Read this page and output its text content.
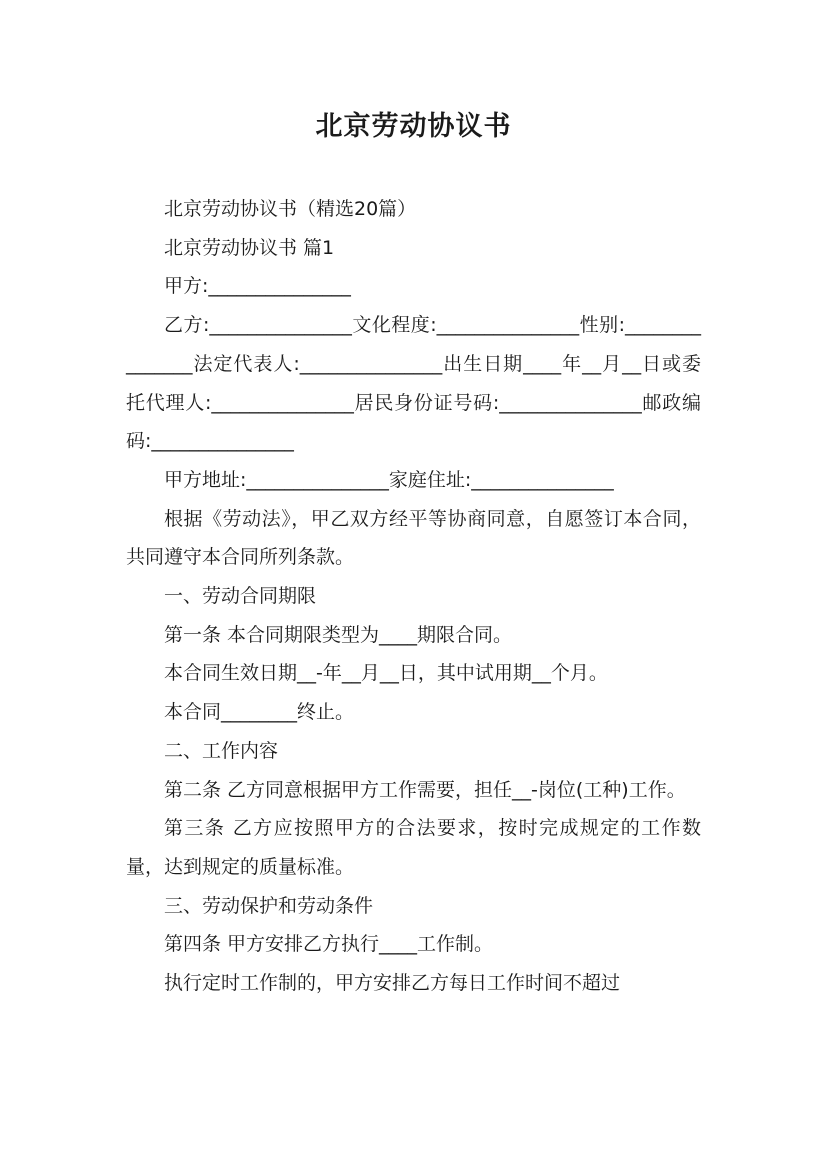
北京劳动协议书

北京劳动协议书（精选20篇）

北京劳动协议书 篇1

甲方:_______________

乙方:_______________文化程度:_______________性别:_______________法定代表人:_______________出生日期____年__月__日或委托代理人:_______________居民身份证号码:_______________邮政编码:_______________

甲方地址:_______________家庭住址:_______________

根据《劳动法》，甲乙双方经平等协商同意，自愿签订本合同，共同遵守本合同所列条款。

一、劳动合同期限

第一条 本合同期限类型为____期限合同。

本合同生效日期__-年__月__日，其中试用期__个月。

本合同________终止。

二、工作内容

第二条 乙方同意根据甲方工作需要，担任__-岗位(工种)工作。

第三条 乙方应按照甲方的合法要求，按时完成规定的工作数量，达到规定的质量标准。

三、劳动保护和劳动条件

第四条 甲方安排乙方执行____工作制。

执行定时工作制的，甲方安排乙方每日工作时间不超过
